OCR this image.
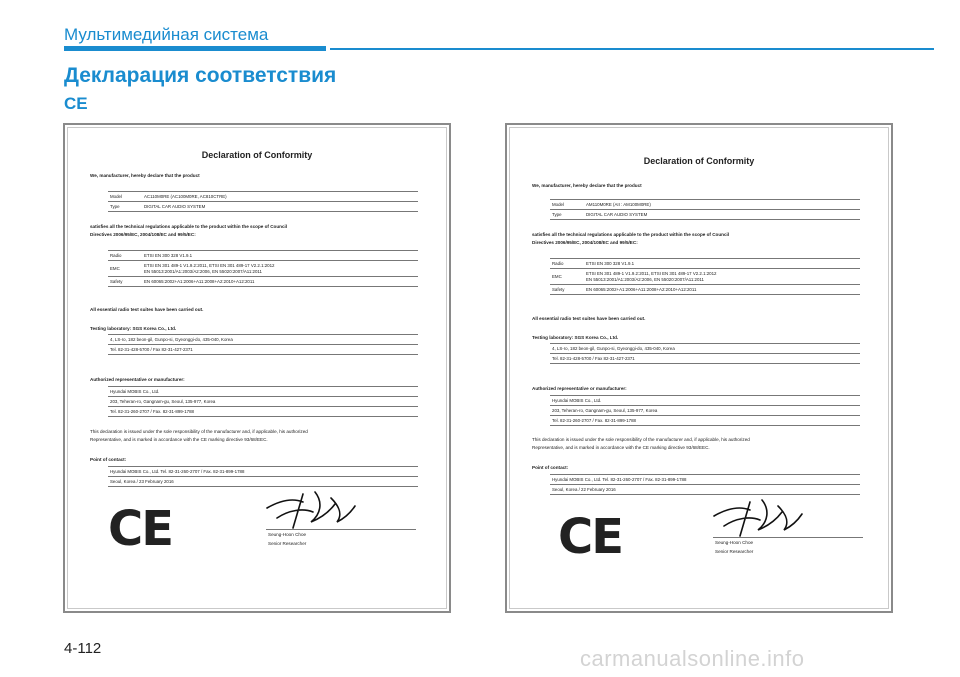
Мультимедийная система
Декларация соответствия
CE
Declaration of Conformity
We, manufacturer, hereby declare that the product
Model	AC110M0RE (AC100M0RE, AC810CTRE)
Type	DIGITAL CAR AUDIO SYSTEM
satisfies all the technical regulations applicable to the product within the scope of Council
Directives 2006/95/EC, 2004/108/EC and 99/5/EC:
Radio	ETSI EN 300 328 V1.9.1
EMC	ETSI EN 301 489-1 V1.9.2:2011, ETSI EN 301 489-17 V2.2.1:2012
EN 55013:2001/A1:2003/A2:2006, EN 55020:2007/A11:2011

Safety	EN 60065:2002+A1:2006+A11:2008+A2:2010+A12:2011
All essential radio test suites have been carried out.
Testing laboratory: SGS Korea Co., Ltd.
4, LS-ro, 182 beon-gil, Gunpo-si, Gyeonggi-do, 435-040, Korea
Tel. 82-31-428-5700 / Fax 82-31-427-2371
Authorized representative or manufacturer:
Hyundai MOBIS Co., Ltd.
203, Teheran-ro, Gangnam-gu, Seoul, 135-977, Korea
Tel. 82-31-260-2707 / Fax. 82-31-899-1788
This declaration is issued under the sole responsibility of the manufacturer and, if applicable, his authorized
Representative, and is marked in accordance with the CE marking directive 93/68/EEC.
Point of contact:
Hyundai MOBIS Co., Ltd. Tel. 82-31-260-2707 / Fax. 82-31-899-1788
Seoul, Korea / 23 February 2016
CE	Seung-Hoon Choe
Senior Researcher
Declaration of Conformity
We, manufacturer, hereby declare that the product
Model	AM110M0RE (AII : AM100M0RE)
Type	DIGITAL CAR AUDIO SYSTEM
satisfies all the technical regulations applicable to the product within the scope of Council
Directives 2006/95/EC, 2004/108/EC and 99/5/EC:
Radio	ETSI EN 300 328 V1.9.1
EMC	ETSI EN 301 489-1 V1.9.2:2011, ETSI EN 301 489-17 V2.2.1:2012
EN 55013:2001/A1:2003/A2:2006, EN 55020:2007/A11:2011

Safety	EN 60065:2002+A1:2006+A11:2008+A2:2010+A12:2011
All essential radio test suites have been carried out.
Testing laboratory: SGS Korea Co., Ltd.
4, LS-ro, 182 beon-gil, Gunpo-si, Gyeonggi-do, 435-040, Korea
Tel. 82-31-428-5700 / Fax 82-31-427-2371
Authorized representative or manufacturer:
Hyundai MOBIS Co., Ltd.
203, Teheran-ro, Gangnam-gu, Seoul, 135-977, Korea
Tel. 82-31-260-2707 / Fax. 82-31-899-1788
This declaration is issued under the sole responsibility of the manufacturer and, if applicable, his authorized
Representative, and is marked in accordance with the CE marking directive 93/68/EEC.
Point of contact:
Hyundai MOBIS Co., Ltd. Tel. 82-31-260-2707 / Fax. 82-31-899-1788
Seoul, Korea / 22 February 2016
CE	Seung-Hoon Choe
Senior Researcher
4-112	carmanualsonline.info
